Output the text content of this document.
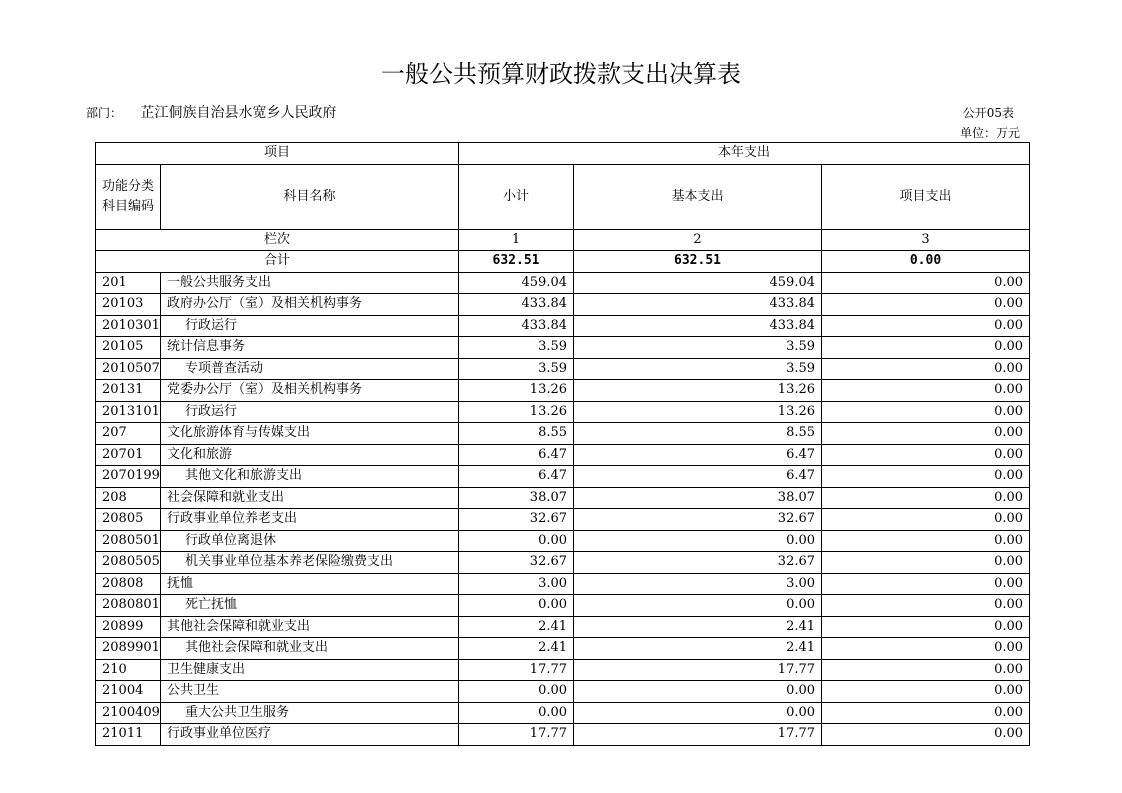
一般公共预算财政拨款支出决算表
部门： 芷江侗族自治县水宽乡人民政府	公开05表
单位：万元
项目		本年支出		
功能分类科目编码	科目名称	小计	基本支出	项目支出
栏次		1	2	3
合计		632.51	632.51	0.00
201	一般公共服务支出	459.04	459.04	0.00
20103	政府办公厅（室）及相关机构事务	433.84	433.84	0.00
2010301	行政运行	433.84	433.84	0.00
20105	统计信息事务	3.59	3.59	0.00
2010507	专项普查活动	3.59	3.59	0.00
20131	党委办公厅（室）及相关机构事务	13.26	13.26	0.00
2013101	行政运行	13.26	13.26	0.00
207	文化旅游体育与传媒支出	8.55	8.55	0.00
20701	文化和旅游	6.47	6.47	0.00
2070199	其他文化和旅游支出	6.47	6.47	0.00
208	社会保障和就业支出	38.07	38.07	0.00
20805	行政事业单位养老支出	32.67	32.67	0.00
2080501	行政单位离退休	0.00	0.00	0.00
2080505	机关事业单位基本养老保险缴费支出	32.67	32.67	0.00
20808	抚恤	3.00	3.00	0.00
2080801	死亡抚恤	0.00	0.00	0.00
20899	其他社会保障和就业支出	2.41	2.41	0.00
2089901	其他社会保障和就业支出	2.41	2.41	0.00
210	卫生健康支出	17.77	17.77	0.00
21004	公共卫生	0.00	0.00	0.00
2100409	重大公共卫生服务	0.00	0.00	0.00
21011	行政事业单位医疗	17.77	17.77	0.00
